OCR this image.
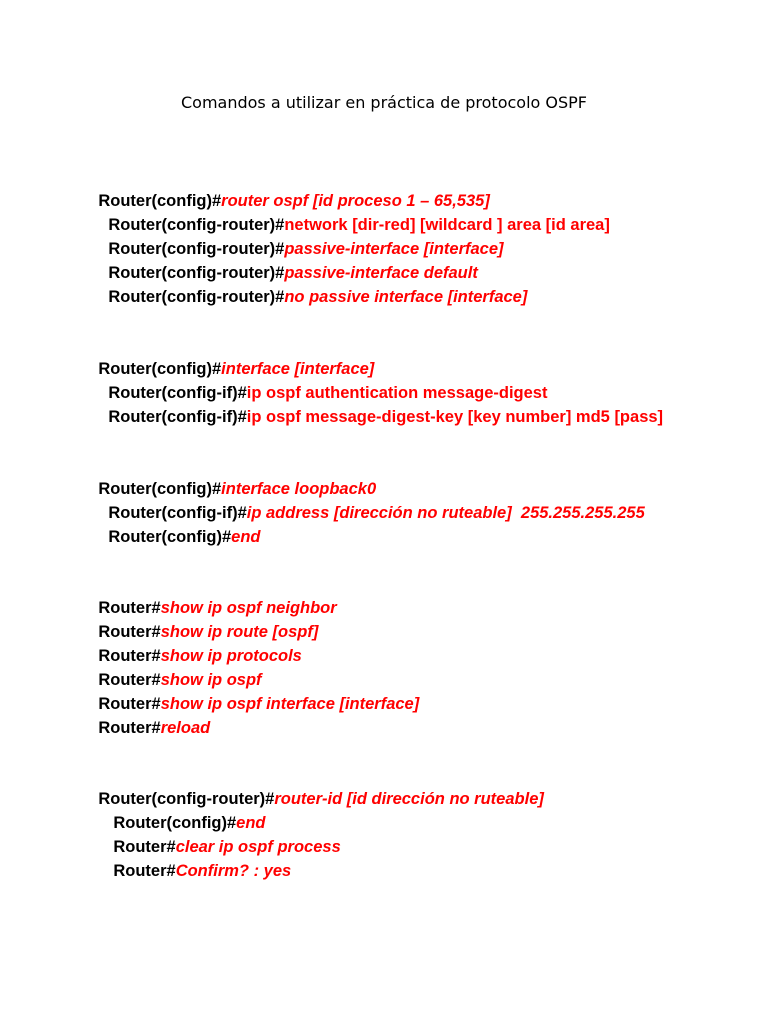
Comandos a utilizar en práctica de protocolo OSPF

Router(config)#router ospf [id proceso 1 – 65,535]

Router(config-router)#network [dir-red] [wildcard ] area [id area]

Router(config-router)#passive-interface [interface]

Router(config-router)#passive-interface default

Router(config-router)#no passive interface [interface]

Router(config)#interface [interface]

Router(config-if)#ip ospf authentication message-digest

Router(config-if)#ip ospf message-digest-key [key number] md5 [pass]

Router(config)#interface loopback0

Router(config-if)#ip address [dirección no ruteable]  255.255.255.255

Router(config)#end

Router#show ip ospf neighbor

Router#show ip route [ospf]

Router#show ip protocols

Router#show ip ospf

Router#show ip ospf interface [interface]

Router#reload

Router(config-router)#router-id [id dirección no ruteable]

Router(config)#end

Router#clear ip ospf process

Router#Confirm? : yes
